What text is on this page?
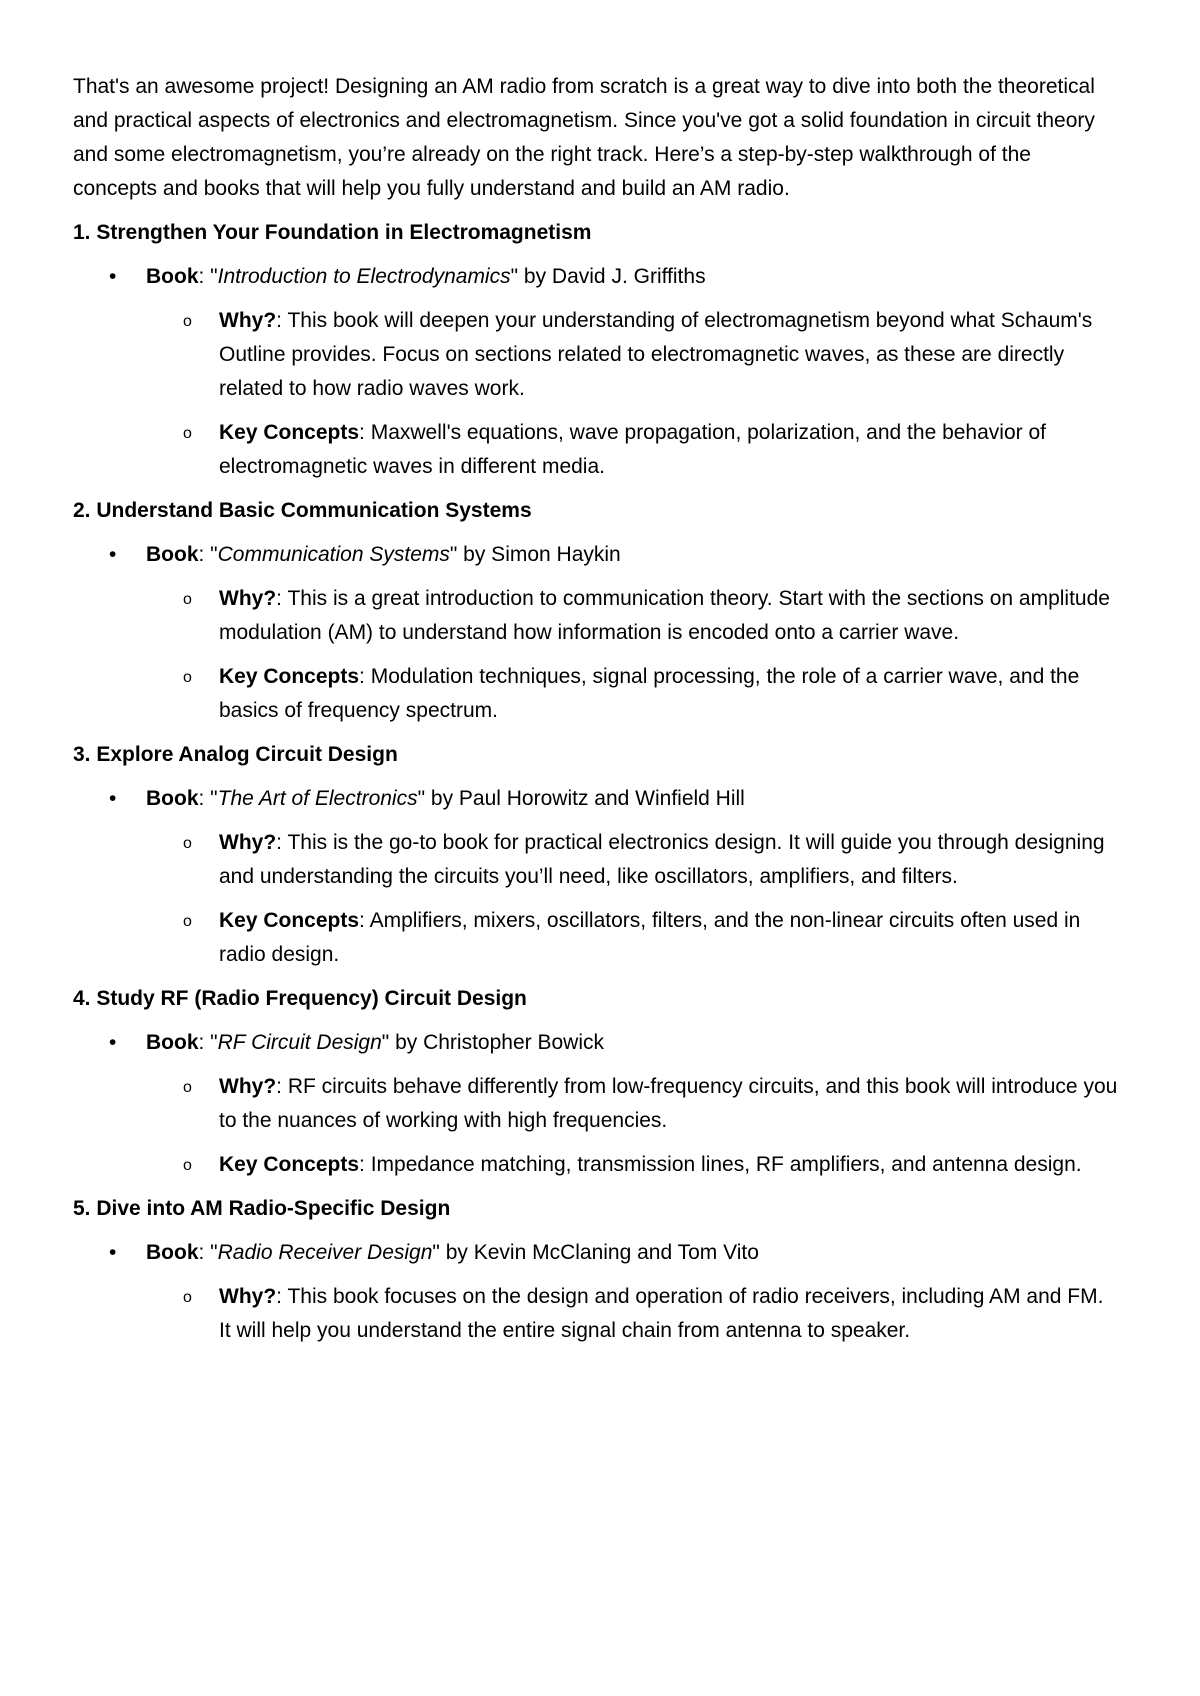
That's an awesome project! Designing an AM radio from scratch is a great way to dive into both the theoretical and practical aspects of electronics and electromagnetism. Since you've got a solid foundation in circuit theory and some electromagnetism, you’re already on the right track. Here’s a step-by-step walkthrough of the concepts and books that will help you fully understand and build an AM radio.

1. Strengthen Your Foundation in Electromagnetism
• Book: "Introduction to Electrodynamics" by David J. Griffiths
o Why?: This book will deepen your understanding of electromagnetism beyond what Schaum's Outline provides. Focus on sections related to electromagnetic waves, as these are directly related to how radio waves work.
o Key Concepts: Maxwell's equations, wave propagation, polarization, and the behavior of electromagnetic waves in different media.
2. Understand Basic Communication Systems
• Book: "Communication Systems" by Simon Haykin
o Why?: This is a great introduction to communication theory. Start with the sections on amplitude modulation (AM) to understand how information is encoded onto a carrier wave.
o Key Concepts: Modulation techniques, signal processing, the role of a carrier wave, and the basics of frequency spectrum.
3. Explore Analog Circuit Design
• Book: "The Art of Electronics" by Paul Horowitz and Winfield Hill
o Why?: This is the go-to book for practical electronics design. It will guide you through designing and understanding the circuits you’ll need, like oscillators, amplifiers, and filters.
o Key Concepts: Amplifiers, mixers, oscillators, filters, and the non-linear circuits often used in radio design.
4. Study RF (Radio Frequency) Circuit Design
• Book: "RF Circuit Design" by Christopher Bowick
o Why?: RF circuits behave differently from low-frequency circuits, and this book will introduce you to the nuances of working with high frequencies.
o Key Concepts: Impedance matching, transmission lines, RF amplifiers, and antenna design.
5. Dive into AM Radio-Specific Design
• Book: "Radio Receiver Design" by Kevin McClaning and Tom Vito
o Why?: This book focuses on the design and operation of radio receivers, including AM and FM. It will help you understand the entire signal chain from antenna to speaker.
